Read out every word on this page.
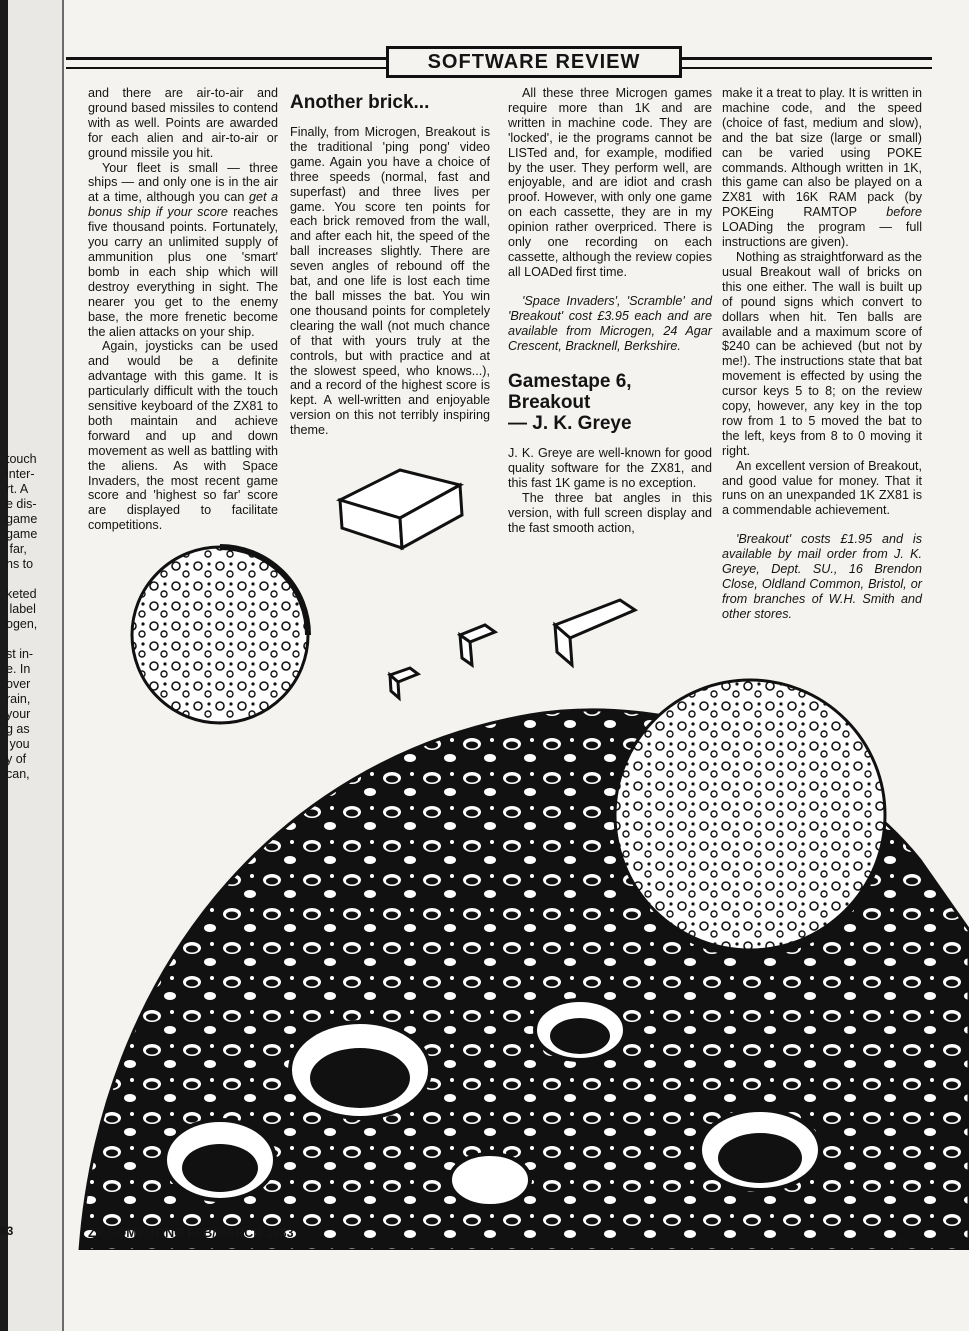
touch
inter-
rt. A
e dis-
game
game
far,
ns to

keted
label
ogen,

st in-
e. In
over
rain,
your
g as
you
y of
can,
83
SOFTWARE REVIEW

and there are air-to-air and ground based missiles to contend with as well. Points are awarded for each alien and air-to-air or ground missile you hit.

Your fleet is small — three ships — and only one is in the air at a time, although you can get a bonus ship if your score reaches five thousand points. Fortunately, you carry an unlimited supply of ammunition plus one 'smart' bomb in each ship which will destroy everything in sight. The nearer you get to the enemy base, the more frenetic become the alien attacks on your ship.

Again, joysticks can be used and would be a definite advantage with this game. It is particularly difficult with the touch sensitive keyboard of the ZX81 to both maintain and achieve forward and up and down movement as well as battling with the aliens. As with Space Invaders, the most recent game score and 'highest so far' score are displayed to facilitate competitions.

Another brick...

Finally, from Microgen, Breakout is the traditional 'ping pong' video game. Again you have a choice of three speeds (normal, fast and superfast) and three lives per game. You score ten points for each brick removed from the wall, and after each hit, the speed of the ball increases slightly. There are seven angles of rebound off the bat, and one life is lost each time the ball misses the bat. You win one thousand points for completely clearing the wall (not much chance of that with yours truly at the controls, but with practice and at the slowest speed, who knows...), and a record of the highest score is kept. A well-written and enjoyable version on this not terribly inspiring theme.

All these three Microgen games require more than 1K and are written in machine code. They are 'locked', ie the programs cannot be LISTed and, for example, modified by the user. They perform well, are enjoyable, and are idiot and crash proof. However, with only one game on each cassette, they are in my opinion rather overpriced. There is only one recording on each cassette, although the review copies all LOADed first time.

'Space Invaders', 'Scramble' and 'Breakout' cost £3.95 each and are available from Microgen, 24 Agar Crescent, Bracknell, Berkshire.

Gamestape 6,
Breakout
— J. K. Greye

J. K. Greye are well-known for good quality software for the ZX81, and this fast 1K game is no exception.

The three bat angles in this version, with full screen display and the fast smooth action,

make it a treat to play. It is written in machine code, and the speed (choice of fast, medium and slow), and the bat size (large or small) can be varied using POKE commands. Although written in 1K, this game can also be played on a ZX81 with 16K RAM pack (by POKEing RAMTOP before LOADing the program — full instructions are given).

Nothing as straightforward as the usual Breakout wall of bricks on this one either. The wall is built up of pound signs which convert to dollars when hit. Ten balls are available and a maximum score of $240 can be achieved (but not by me!). The instructions state that bat movement is effected by using the cursor keys 5 to 8; on the review copy, however, any key in the top row from 1 to 5 moved the bat to the left, keys from 8 to 0 moving it right.

An excellent version of Breakout, and good value for money. That it runs on an unexpanded 1K ZX81 is a commendable achievement.

'Breakout' costs £1.95 and is available by mail order from J. K. Greye, Dept. SU., 16 Brendon Close, Oldland Common, Bristol, or from branches of W.H. Smith and other stores.

ZX COMPUTING FEB/MARCH 1983
41
